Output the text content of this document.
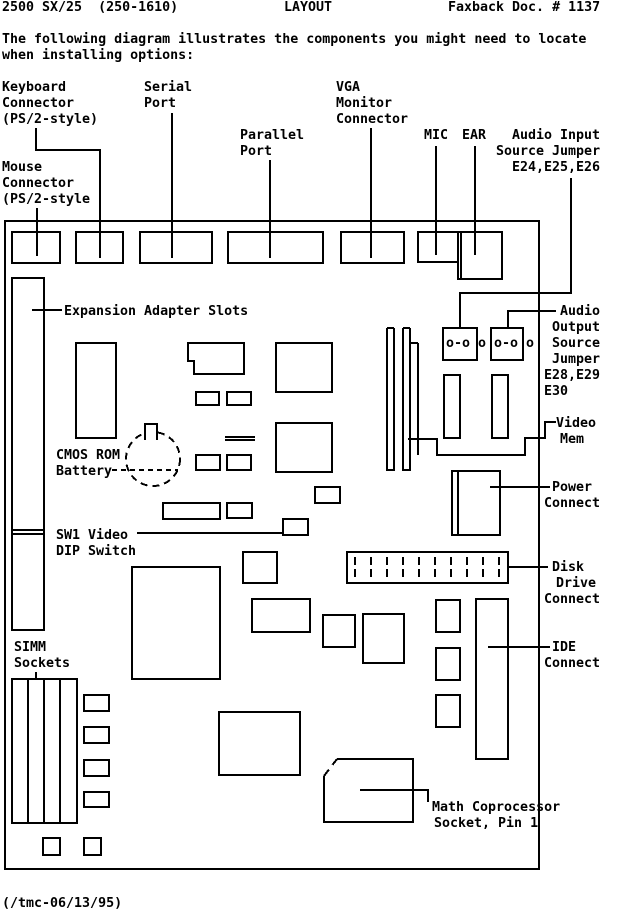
2500 SX/25  (250-1610)	LAYOUT	Faxback Doc. # 1137
The following diagram illustrates the components you might need to locate
when installing options:
(/tmc-06/13/95)
Keyboard
Connector
(PS/2-style)
Serial
Port
Parallel
Port
VGA
Monitor
Connector
MIC EAR Audio Input
Source Jumper
E24,E25,E26
Mouse
Connector
(PS/2-style
Expansion Adapter Slots	Audio
Output
Source
Jumper
E28,E29
E30
o-o o o-o o
Video
Mem
CMOS ROM
Battery
Power
Connect
SW1 Video
DIP Switch
Disk
Drive
Connect
SIMM
Sockets
IDE
Connect
Math Coprocessor
Socket, Pin 1
